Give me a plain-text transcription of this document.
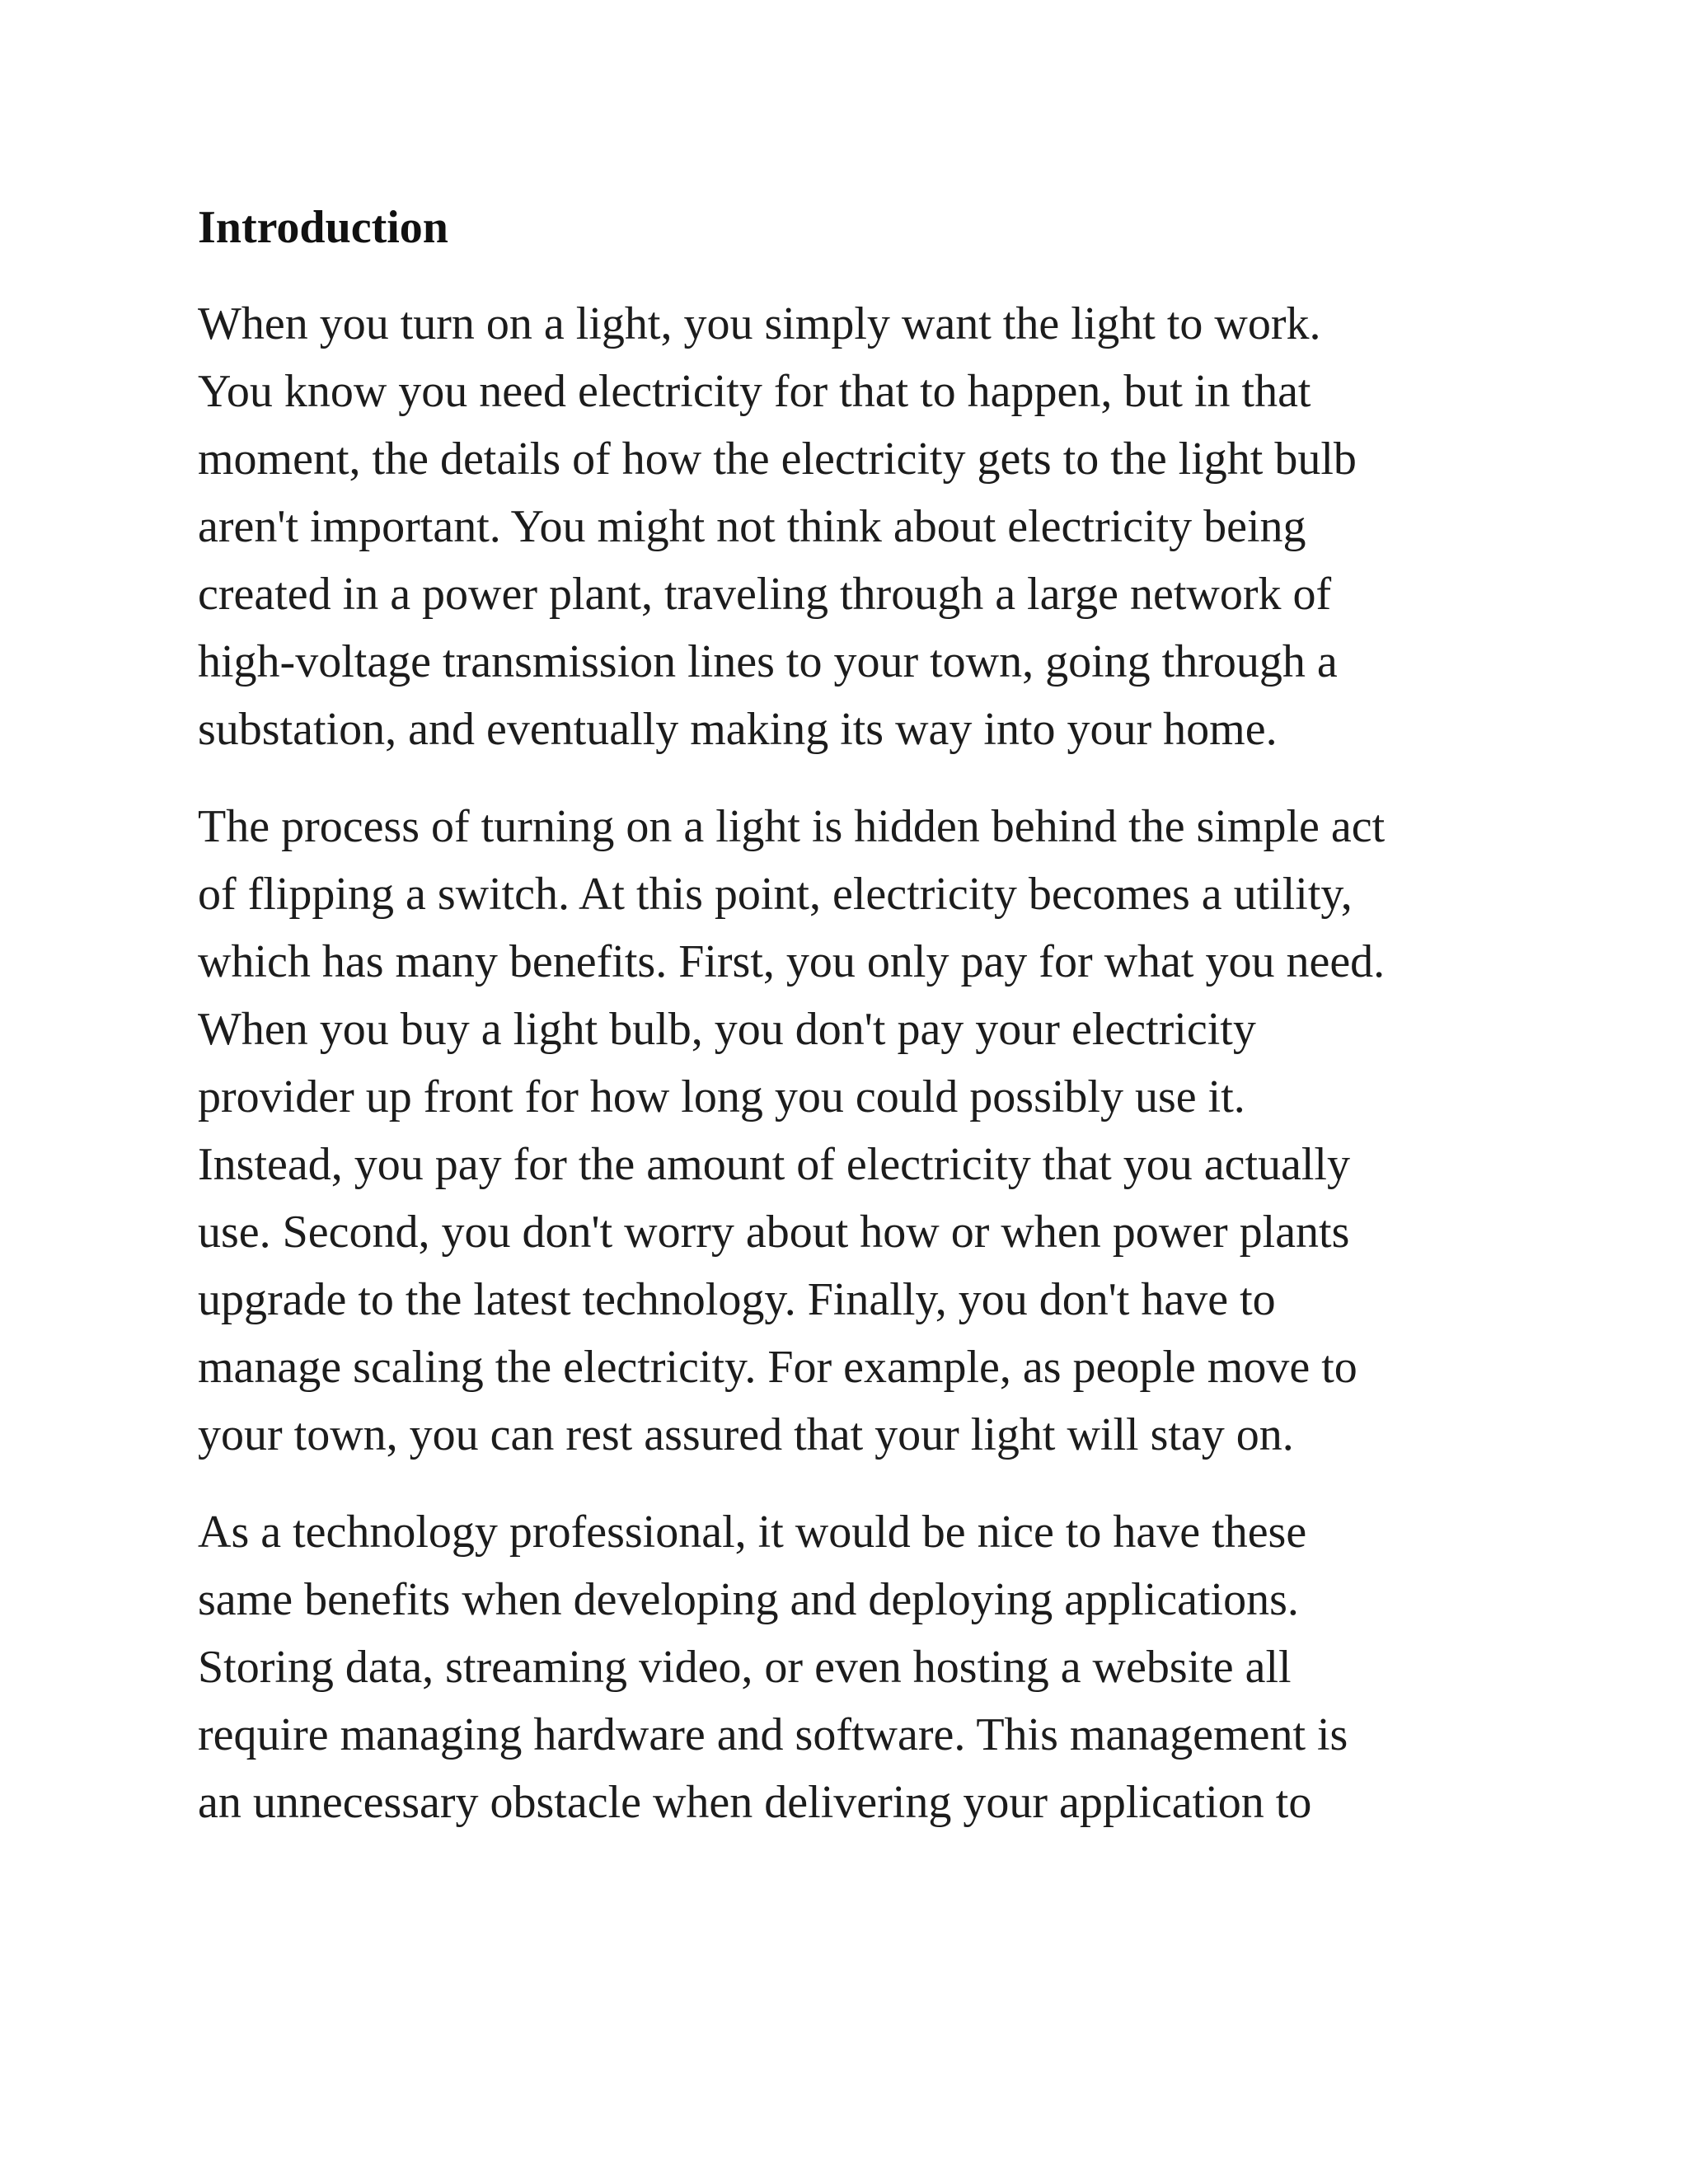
Introduction

When you turn on a light, you simply want the light to work.
You know you need electricity for that to happen, but in that
moment, the details of how the electricity gets to the light bulb
aren't important. You might not think about electricity being
created in a power plant, traveling through a large network of
high-voltage transmission lines to your town, going through a
substation, and eventually making its way into your home.

The process of turning on a light is hidden behind the simple act
of flipping a switch. At this point, electricity becomes a utility,
which has many benefits. First, you only pay for what you need.
When you buy a light bulb, you don't pay your electricity
provider up front for how long you could possibly use it.
Instead, you pay for the amount of electricity that you actually
use. Second, you don't worry about how or when power plants
upgrade to the latest technology. Finally, you don't have to
manage scaling the electricity. For example, as people move to
your town, you can rest assured that your light will stay on.

As a technology professional, it would be nice to have these
same benefits when developing and deploying applications.
Storing data, streaming video, or even hosting a website all
require managing hardware and software. This management is
an unnecessary obstacle when delivering your application to
